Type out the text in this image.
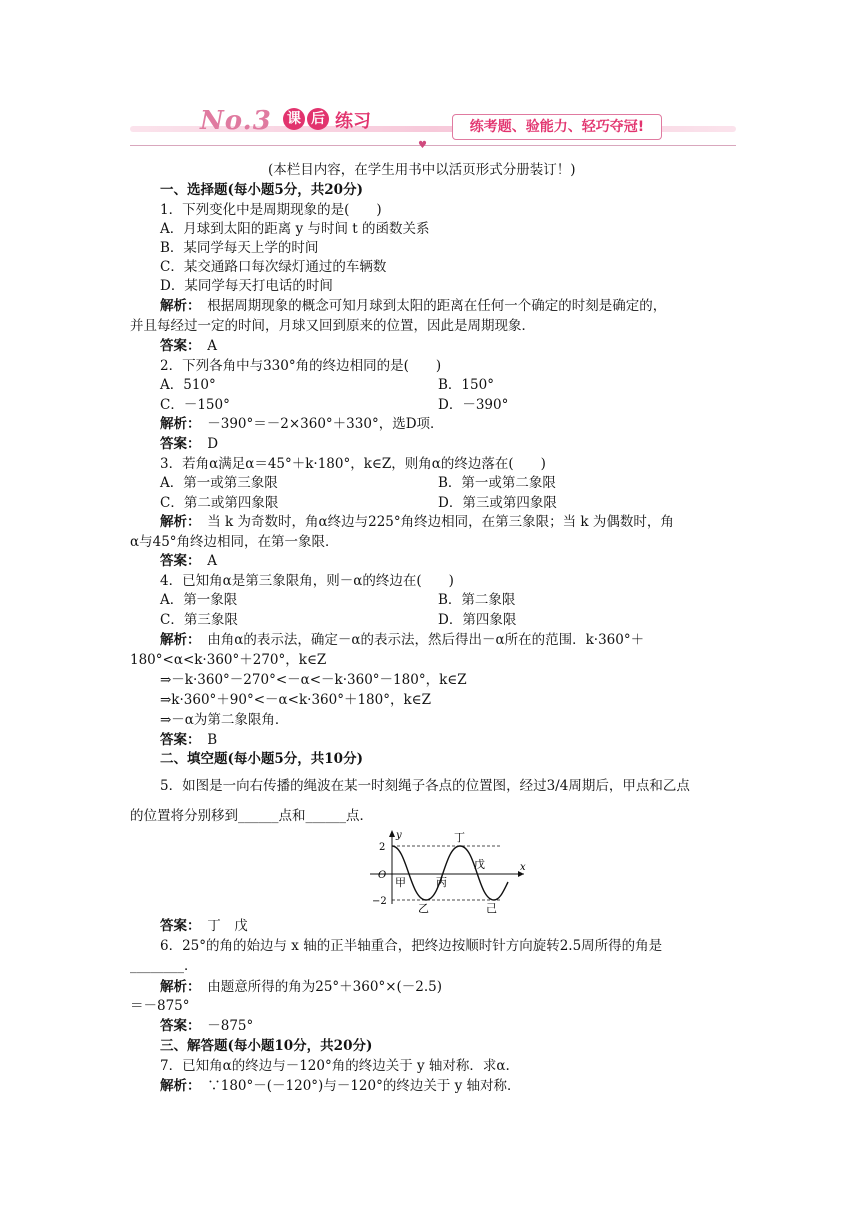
♥
No.3 课 后 练习	练考题、验能力、轻巧夺冠!
(本栏目内容，在学生用书中以活页形式分册装订！)
一、选择题(每小题5分，共20分)
1．下列变化中是周期现象的是(　　)
A．月球到太阳的距离 y 与时间 t 的函数关系
B．某同学每天上学的时间
C．某交通路口每次绿灯通过的车辆数
D．某同学每天打电话的时间
解析：　根据周期现象的概念可知月球到太阳的距离在任何一个确定的时刻是确定的，
并且每经过一定的时间，月球又回到原来的位置，因此是周期现象．
答案：　A
2．下列各角中与330°角的终边相同的是(　　)
A．510°	B．150°
C．－150°	D．－390°
解析：　－390°＝－2×360°＋330°，选D项．
答案：　D
3．若角α满足α＝45°＋k·180°，k∈Z，则角α的终边落在(　　)
A．第一或第三象限	B．第一或第二象限
C．第二或第四象限	D．第三或第四象限
解析：　当 k 为奇数时，角α终边与225°角终边相同，在第三象限；当 k 为偶数时，角
α与45°角终边相同，在第一象限．
答案：　A
4．已知角α是第三象限角，则－α的终边在(　　)
A．第一象限	B．第二象限
C．第三象限	D．第四象限
解析：　由角α的表示法，确定－α的表示法，然后得出－α所在的范围．k·360°＋
180°<α<k·360°＋270°，k∈Z
⇒－k·360°－270°<－α<－k·360°－180°，k∈Z
⇒k·360°＋90°<－α<k·360°＋180°，k∈Z
⇒－α为第二象限角．
答案：　B
二、填空题(每小题5分，共10分)
5．如图是一向右传播的绳波在某一时刻绳子各点的位置图，经过3/4周期后，甲点和乙点
的位置将分别移到______点和______点．
答案：　丁　戊
6．25°的角的始边与 x 轴的正半轴重合，把终边按顺时针方向旋转2.5周所得的角是
________．
解析：　由题意所得的角为25°＋360°×(－2.5)
＝－875°
答案：　－875°
三、解答题(每小题10分，共20分)
7．已知角α的终边与－120°角的终边关于 y 轴对称．求α.
解析：　∵180°－(－120°)与－120°的终边关于 y 轴对称．
y
x
O
2
−2
丁
戊
甲	丙
乙	己
